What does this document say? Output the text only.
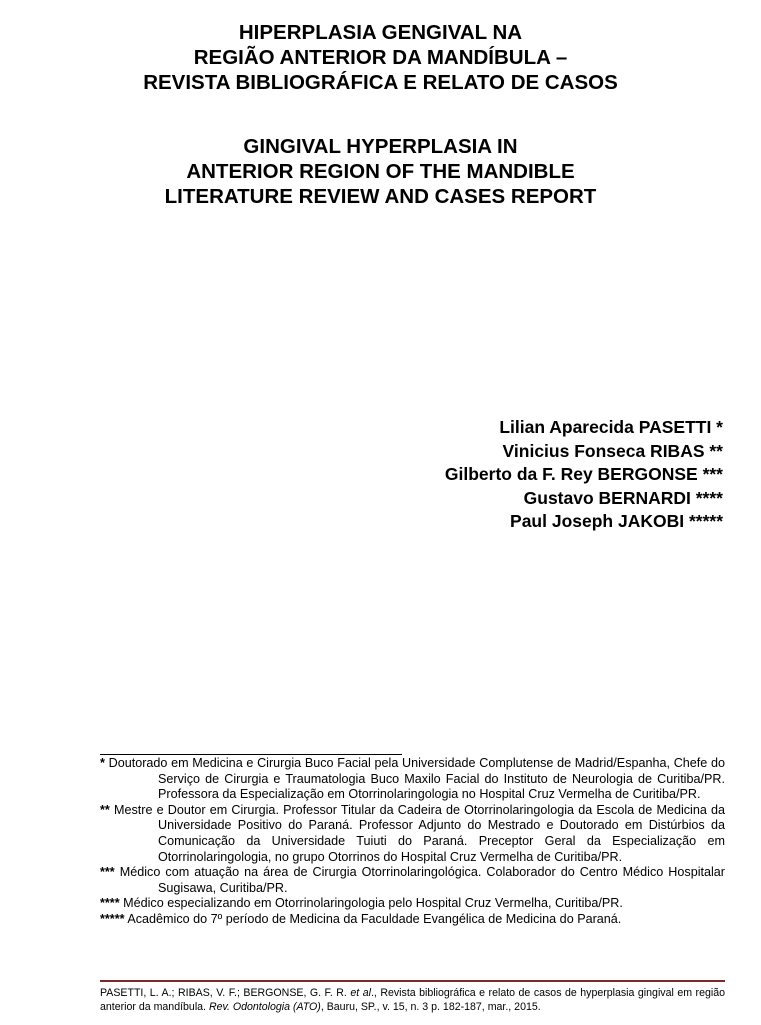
HIPERPLASIA GENGIVAL NA
REGIÃO ANTERIOR DA MANDÍBULA –
REVISTA BIBLIOGRÁFICA E RELATO DE CASOS
GINGIVAL HYPERPLASIA IN
ANTERIOR REGION OF THE MANDIBLE
LITERATURE REVIEW AND CASES REPORT
Lilian Aparecida PASETTI *
Vinicius Fonseca RIBAS **
Gilberto da F. Rey BERGONSE ***
Gustavo BERNARDI ****
Paul Joseph JAKOBI *****
* Doutorado em Medicina e Cirurgia Buco Facial pela Universidade Complutense de Madrid/Espanha, Chefe do Serviço de Cirurgia e Traumatologia Buco Maxilo Facial do Instituto de Neurologia de Curitiba/PR. Professora da Especialização em Otorrinolaringologia no Hospital Cruz Vermelha de Curitiba/PR.
** Mestre e Doutor em Cirurgia. Professor Titular da Cadeira de Otorrinolaringologia da Escola de Medicina da Universidade Positivo do Paraná. Professor Adjunto do Mestrado e Doutorado em Distúrbios da Comunicação da Universidade Tuiuti do Paraná. Preceptor Geral da Especialização em Otorrinolaringologia, no grupo Otorrinos do Hospital Cruz Vermelha de Curitiba/PR.
*** Médico com atuação na área de Cirurgia Otorrinolaringológica. Colaborador do Centro Médico Hospitalar Sugisawa, Curitiba/PR.
**** Médico especializando em Otorrinolaringologia pelo Hospital Cruz Vermelha, Curitiba/PR.
***** Acadêmico do 7º período de Medicina da Faculdade Evangélica de Medicina do Paraná.
PASETTI, L. A.; RIBAS, V. F.; BERGONSE, G. F. R. et al., Revista bibliográfica e relato de casos de hyperplasia gingival em região anterior da mandíbula. Rev. Odontologia (ATO), Bauru, SP., v. 15, n. 3 p. 182-187, mar., 2015.
